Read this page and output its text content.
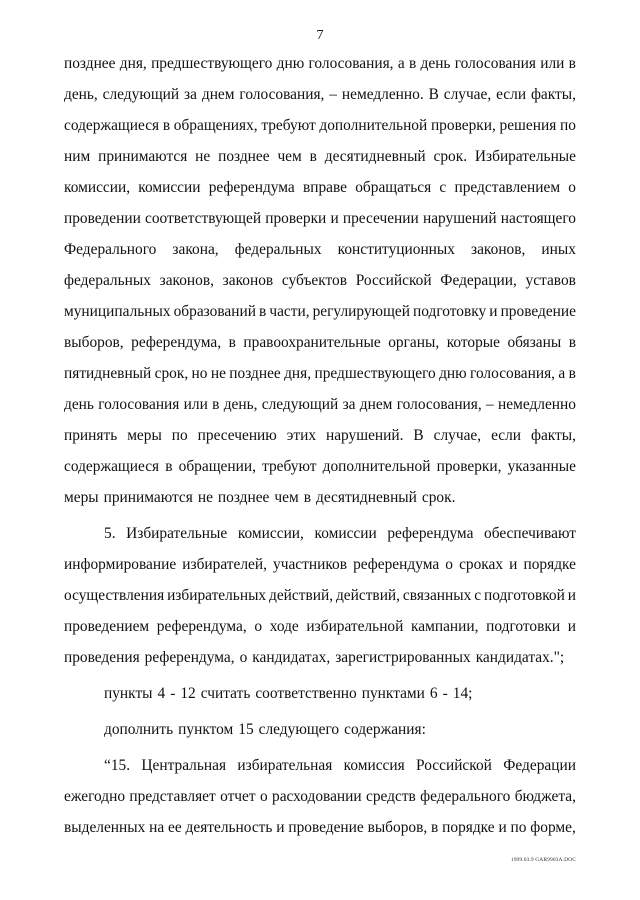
7
позднее дня, предшествующего дню голосования, а в день голосования или в
день, следующий за днем голосования, – немедленно. В случае, если факты,
содержащиеся в обращениях, требуют дополнительной проверки, решения по
ним принимаются не позднее чем в десятидневный срок. Избирательные
комиссии, комиссии референдума вправе обращаться с представлением о
проведении соответствующей проверки и пресечении нарушений настоящего
Федерального закона, федеральных конституционных законов, иных
федеральных законов, законов субъектов Российской Федерации, уставов
муниципальных образований в части, регулирующей подготовку и проведение
выборов, референдума, в правоохранительные органы, которые обязаны в
пятидневный срок, но не позднее дня, предшествующего дню голосования, а в
день голосования или в день, следующий за днем голосования, – немедленно
принять меры по пресечению этих нарушений. В случае, если факты,
содержащиеся в обращении, требуют дополнительной проверки, указанные
меры принимаются не позднее чем в десятидневный срок.
5. Избирательные комиссии, комиссии референдума обеспечивают
информирование избирателей, участников референдума о сроках и порядке
осуществления избирательных действий, действий, связанных с подготовкой и
проведением референдума, о ходе избирательной кампании, подготовки и
проведения референдума, о кандидатах, зарегистрированных кандидатах.";
пункты 4 - 12 считать соответственно пунктами 6 - 14;
дополнить пунктом 15 следующего содержания:
“15. Центральная избирательная комиссия Российской Федерации
ежегодно представляет отчет о расходовании средств федерального бюджета,
выделенных на ее деятельность и проведение выборов, в порядке и по форме,
1999.03.9 GAR9903A.DOC
